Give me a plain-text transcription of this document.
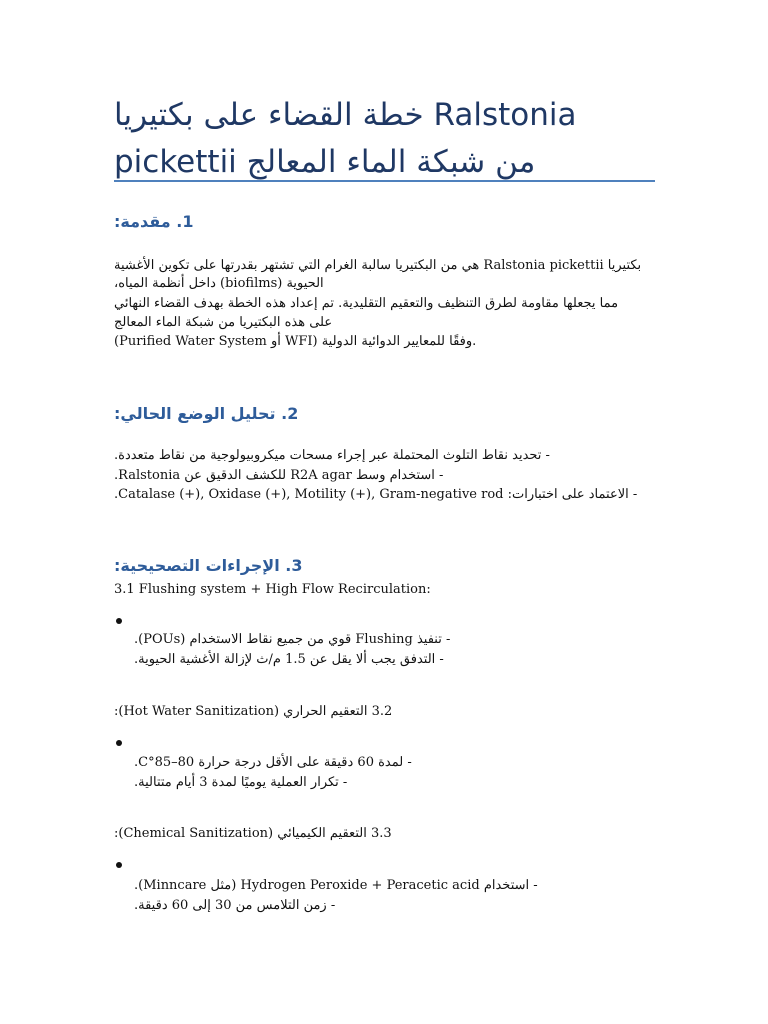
خطة القضاء على بكتيريا Ralstonia
pickettii من شبكة الماء المعالج
1. مقدمة:
بكتيريا Ralstonia pickettii هي من البكتيريا سالبة الغرام التي تشتهر بقدرتها على تكوين الأغشية
الحيوية (biofilms) داخل أنظمة المياه،
مما يجعلها مقاومة لطرق التنظيف والتعقيم التقليدية. تم إعداد هذه الخطة بهدف القضاء النهائي
على هذه البكتيريا من شبكة الماء المعالج
(Purified Water System أو WFI) وفقًا للمعايير الدوائية الدولية.
2. تحليل الوضع الحالي:
- تحديد نقاط التلوث المحتملة عبر إجراء مسحات ميكروبيولوجية من نقاط متعددة.
- استخدام وسط R2A agar للكشف الدقيق عن Ralstonia.
- الاعتماد على اختبارات: Catalase (+), Oxidase (+), Motility (+), Gram-negative rod.
3. الإجراءات التصحيحية:
3.1 Flushing system + High Flow Recirculation:
- تنفيذ Flushing قوي من جميع نقاط الاستخدام (POUs).
- التدفق يجب ألا يقل عن 1.5 م/ث لإزالة الأغشية الحيوية.
3.2 التعقيم الحراري (Hot Water Sanitization):
- لمدة 60 دقيقة على الأقل درجة حرارة 80–85°C.
- تكرار العملية يوميًا لمدة 3 أيام متتالية.
3.3 التعقيم الكيميائي (Chemical Sanitization):
- استخدام Hydrogen Peroxide + Peracetic acid (مثل Minncare).
- زمن التلامس من 30 إلى 60 دقيقة.
